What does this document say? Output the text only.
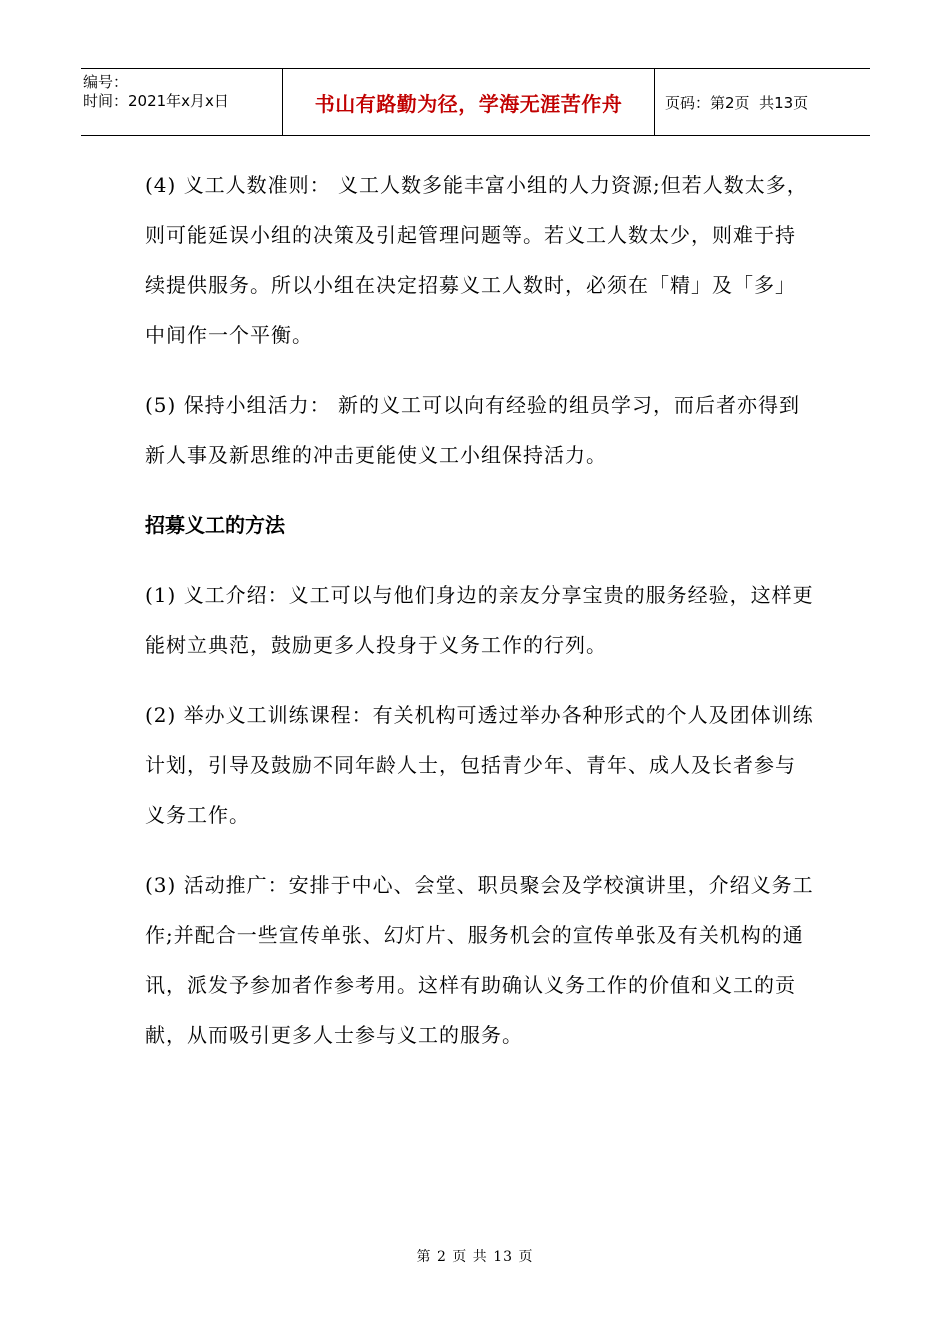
编号：
时间：2021年x月x日	书山有路勤为径，学海无涯苦作舟	页码：第2页  共13页

(4) 义工人数准则： 义工人数多能丰富小组的人力资源;但若人数太多，则可能延误小组的决策及引起管理问题等。若义工人数太少，则难于持续提供服务。所以小组在决定招募义工人数时，必须在「精」及「多」中间作一个平衡。

(5) 保持小组活力： 新的义工可以向有经验的组员学习，而后者亦得到新人事及新思维的冲击更能使义工小组保持活力。

招募义工的方法

(1) 义工介绍：义工可以与他们身边的亲友分享宝贵的服务经验，这样更能树立典范，鼓励更多人投身于义务工作的行列。

(2) 举办义工训练课程：有关机构可透过举办各种形式的个人及团体训练计划，引导及鼓励不同年龄人士，包括青少年、青年、成人及长者参与义务工作。

(3) 活动推广：安排于中心、会堂、职员聚会及学校演讲里，介绍义务工作;并配合一些宣传单张、幻灯片、服务机会的宣传单张及有关机构的通讯，派发予参加者作参考用。这样有助确认义务工作的价值和义工的贡献，从而吸引更多人士参与义工的服务。

第 2 页 共 13 页
